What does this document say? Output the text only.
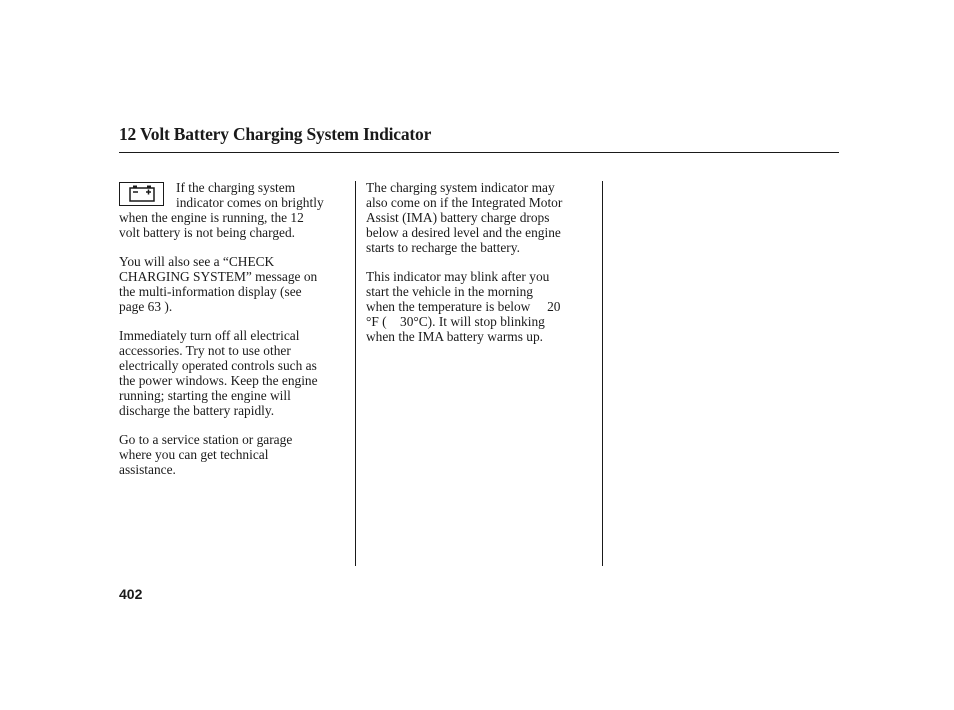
12 Volt Battery Charging System Indicator

If the charging system
indicator comes on brightly
when the engine is running, the 12
volt battery is not being charged.

You will also see a “CHECK
CHARGING SYSTEM” message on
the multi-information display (see
page 63 ).

Immediately turn off all electrical
accessories. Try not to use other
electrically operated controls such as
the power windows. Keep the engine
running; starting the engine will
discharge the battery rapidly.

Go to a service station or garage
where you can get technical
assistance.

The charging system indicator may
also come on if the Integrated Motor
Assist (IMA) battery charge drops
below a desired level and the engine
starts to recharge the battery.

This indicator may blink after you
start the vehicle in the morning
when the temperature is below     20
°F (    30°C). It will stop blinking
when the IMA battery warms up.

402
